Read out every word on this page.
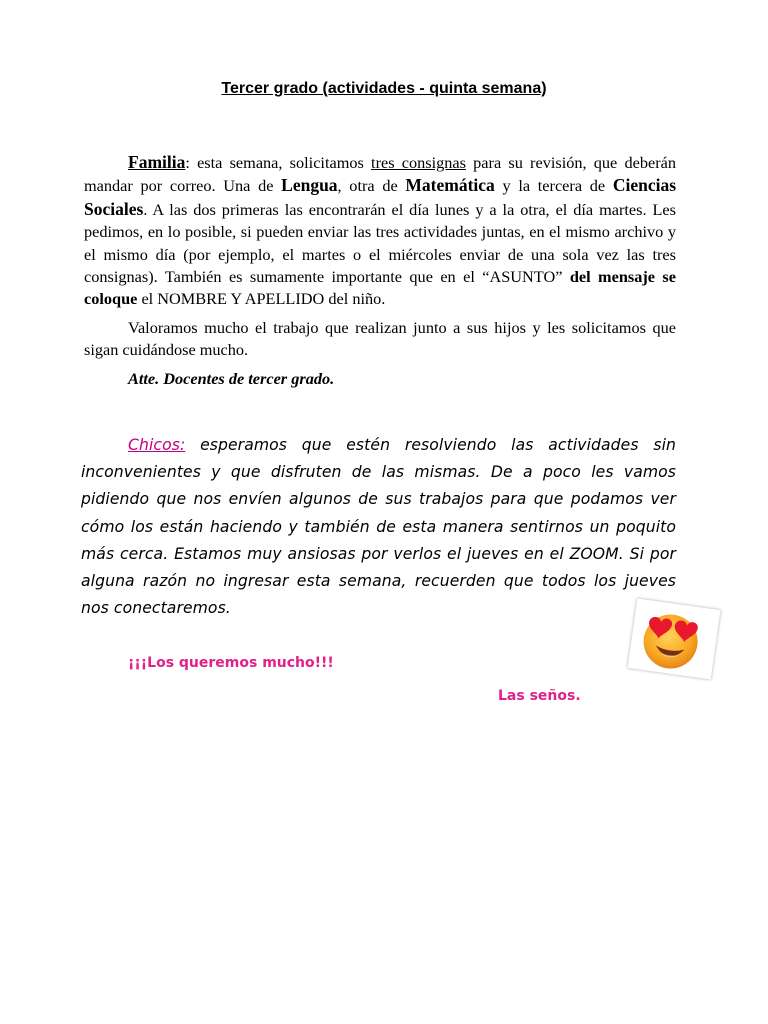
Tercer grado (actividades - quinta semana)

Familia: esta semana, solicitamos tres consignas para su revisión, que deberán mandar por correo. Una de Lengua, otra de Matemática y la tercera de Ciencias Sociales. A las dos primeras las encontrarán el día lunes y a la otra, el día martes. Les pedimos, en lo posible, si pueden enviar las tres actividades juntas, en el mismo archivo y el mismo día (por ejemplo, el martes o el miércoles enviar de una sola vez las tres consignas). También es sumamente importante que en el “ASUNTO” del mensaje se coloque el NOMBRE Y APELLIDO del niño.

Valoramos mucho el trabajo que realizan junto a sus hijos y les solicitamos que sigan cuidándose mucho.

Atte. Docentes de tercer grado.

Chicos: esperamos que estén resolviendo las actividades sin inconvenientes y que disfruten de las mismas. De a poco les vamos pidiendo que nos envíen algunos de sus trabajos para que podamos ver cómo los están haciendo y también de esta manera sentirnos un poquito más cerca. Estamos muy ansiosas por verlos el jueves en el ZOOM. Si por alguna razón no ingresar esta semana, recuerden que todos los jueves nos conectaremos.

¡¡¡Los queremos mucho!!!

Las seños.
